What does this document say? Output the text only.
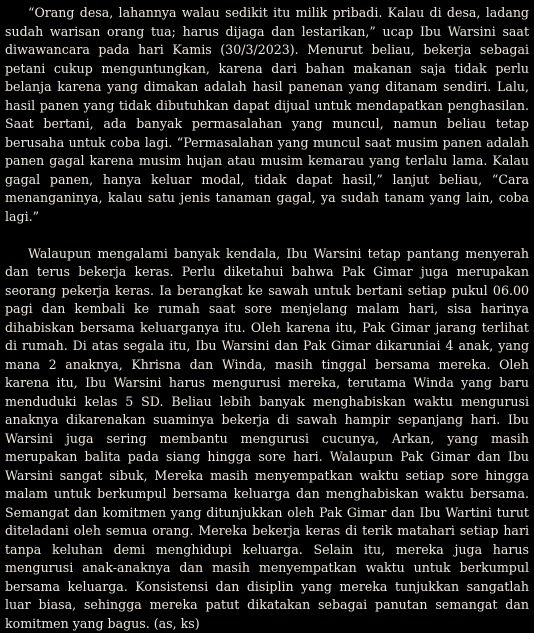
“Orang desa, lahannya walau sedikit itu milik pribadi. Kalau di desa, ladang sudah warisan orang tua; harus dijaga dan lestarikan,” ucap Ibu Warsini saat diwawancara pada hari Kamis (30/3/2023). Menurut beliau, bekerja sebagai petani cukup menguntungkan, karena dari bahan makanan saja tidak perlu belanja karena yang dimakan adalah hasil panenan yang ditanam sendiri. Lalu, hasil panen yang tidak dibutuhkan dapat dijual untuk mendapatkan penghasilan. Saat bertani, ada banyak permasalahan yang muncul, namun beliau tetap berusaha untuk coba lagi. “Permasalahan yang muncul saat musim panen adalah panen gagal karena musim hujan atau musim kemarau yang terlalu lama. Kalau gagal panen, hanya keluar modal, tidak dapat hasil,” lanjut beliau, “Cara menanganinya, kalau satu jenis tanaman gagal, ya sudah tanam yang lain, coba lagi.”

Walaupun mengalami banyak kendala, Ibu Warsini tetap pantang menyerah dan terus bekerja keras. Perlu diketahui bahwa Pak Gimar juga merupakan seorang pekerja keras. Ia berangkat ke sawah untuk bertani setiap pukul 06.00 pagi dan kembali ke rumah saat sore menjelang malam hari, sisa harinya dihabiskan bersama keluarganya itu. Oleh karena itu, Pak Gimar jarang terlihat di rumah. Di atas segala itu, Ibu Warsini dan Pak Gimar dikaruniai 4 anak, yang mana 2 anaknya, Khrisna dan Winda, masih tinggal bersama mereka. Oleh karena itu, Ibu Warsini harus mengurusi mereka, terutama Winda yang baru menduduki kelas 5 SD. Beliau lebih banyak menghabiskan waktu mengurusi anaknya dikarenakan suaminya bekerja di sawah hampir sepanjang hari. Ibu Warsini juga sering membantu mengurusi cucunya, Arkan, yang masih merupakan balita pada siang hingga sore hari. Walaupun Pak Gimar dan Ibu Warsini sangat sibuk, Mereka masih menyempatkan waktu setiap sore hingga malam untuk berkumpul bersama keluarga dan menghabiskan waktu bersama. Semangat dan komitmen yang ditunjukkan oleh Pak Gimar dan Ibu Wartini turut diteladani oleh semua orang. Mereka bekerja keras di terik matahari setiap hari tanpa keluhan demi menghidupi keluarga. Selain itu, mereka juga harus mengurusi anak-anaknya dan masih menyempatkan waktu untuk berkumpul bersama keluarga. Konsistensi dan disiplin yang mereka tunjukkan sangatlah luar biasa, sehingga mereka patut dikatakan sebagai panutan semangat dan komitmen yang bagus. (as, ks)
